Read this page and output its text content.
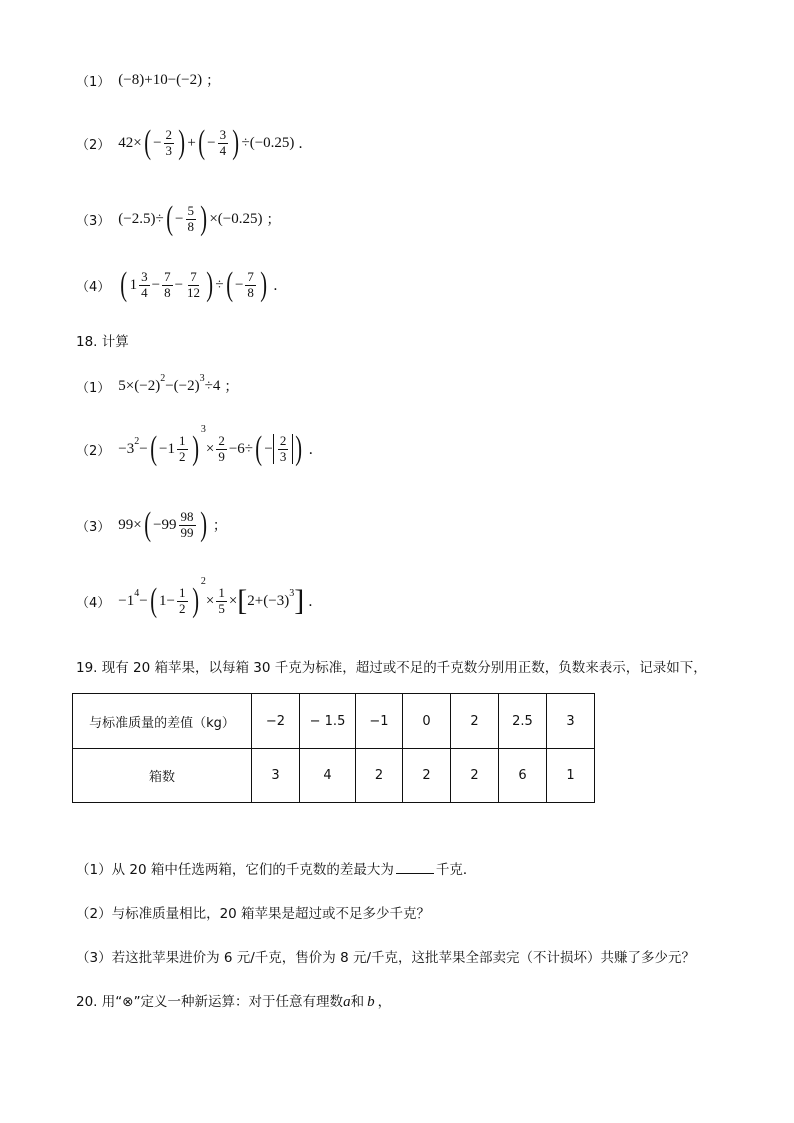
（1） (−8)+10−(−2) ；
（2） 42× ( − $\frac{2}{3}$ ) + ( − $\frac{3}{4}$ ) ÷(−0.25) ．
（3） (−2.5)÷ ( − $\frac{5}{8}$ ) ×(−0.25) ；
（4） ( $1 \frac{3}{4} - \frac{7}{8} - \frac{7}{12}$ ) ÷ ( − $\frac{7}{8}$ ) ．
18. 计算
（1） 5×(−2) 2 −(−2) 3 ÷4 ；
（2） −3 2 − ( $-1 \frac{1}{2}$ )
3
× $\frac{2}{9} -6\div$ ( − $\frac{2}{3}$ ) ．
（3） 99× ( $-99 \frac{98}{99}$ ) ；
（4） −1 4 − ( $1- \frac{1}{2}$ )
2
× $\frac{1}{5}$ × [ 2+(−3) 3 ] ．
19. 现有 20 箱苹果，以每箱 30 千克为标准，超过或不足的千克数分别用正数，负数来表示，记录如下，
与标准质量的差值（kg）	−2	− 1.5	−1	0	2	2.5	3
箱数	3	4	2	2	2	6	1
（1）从 20 箱中任选两箱，它们的千克数的差最大为	千克．
（2）与标准质量相比，20 箱苹果是超过或不足多少千克？
（3）若这批苹果进价为 6 元/千克，售价为 8 元/千克，这批苹果全部卖完（不计损坏）共赚了多少元？
20. 用“⊗”定义一种新运算：对于任意有理数a和 b ，
